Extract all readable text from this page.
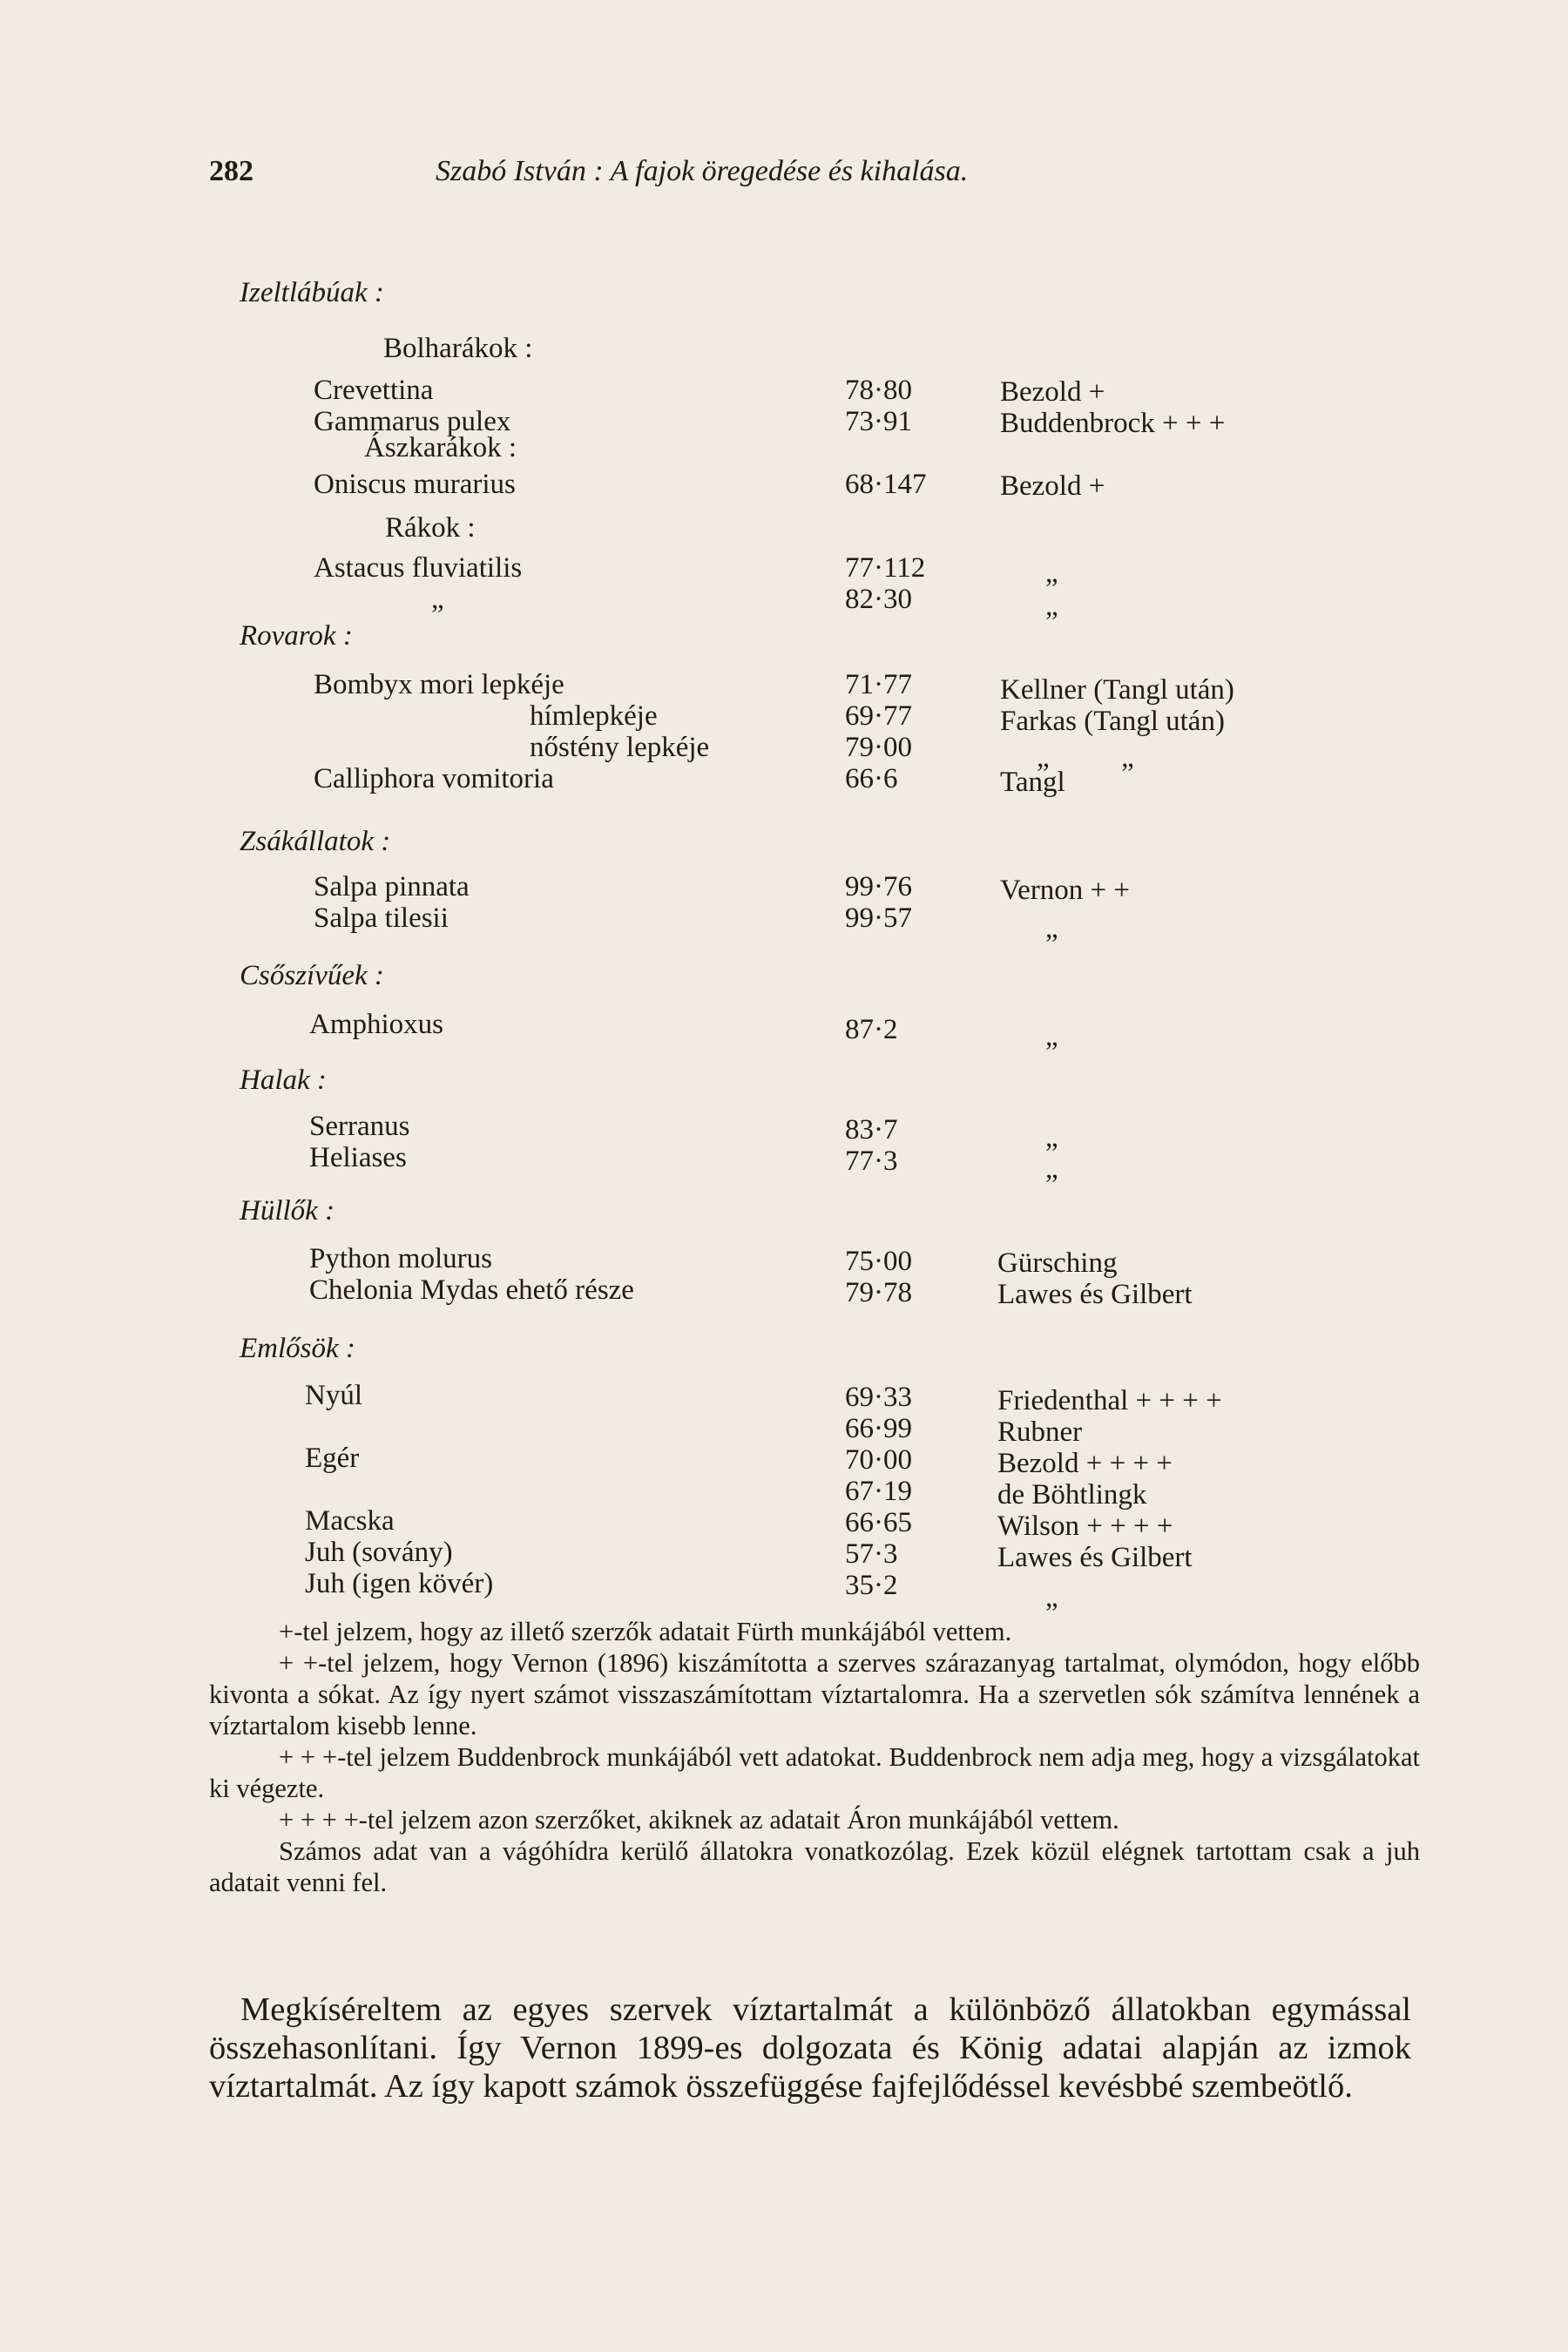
282	Szabó István : A fajok öregedése és kihalása.
Izeltlábúak :
Rovarok :
Zsákállatok :
Csőszívűek :
Halak :
Hüllők :
Emlősök :
Bolharákok :
Ászkarákok :
Rákok :
Crevettina
Gammarus pulex
Oniscus murarius
Astacus fluviatilis
„
Bombyx mori lepkéje
hímlepkéje
nőstény lepkéje
Calliphora vomitoria
Salpa pinnata
Salpa tilesii
Amphioxus
Serranus
Heliases
Python molurus
Chelonia Mydas ehető része
Nyúl
Egér
Macska
Juh (sovány)
Juh (igen kövér)
78·80
73·91
68·147
77·112
82·30
71·77
69·77
79·00
66·6
99·76
99·57
87·2
83·7
77·3
75·00
79·78
69·33
66·99
70·00
67·19
66·65
57·3
35·2
Bezold +
Buddenbrock + + +
Bezold +
„
„
Kellner (Tangl után)
Farkas (Tangl után)
„          „
Tangl
Vernon + +
„
„
„
„
Gürsching
Lawes és Gilbert
Friedenthal + + + +
Rubner
Bezold + + + +
de Böhtlingk
Wilson + + + +
Lawes és Gilbert
„

+-tel jelzem, hogy az illető szerzők adatait Fürth munkájából vettem.

+ +-tel jelzem, hogy Vernon (1896) kiszámította a szerves szárazanyag tartalmat, olymódon, hogy előbb kivonta a sókat. Az így nyert számot visszaszámítottam víztartalomra. Ha a szervetlen sók számítva lennének a víztartalom kisebb lenne.

+ + +-tel jelzem Buddenbrock munkájából vett adatokat. Buddenbrock nem adja meg, hogy a vizsgálatokat ki végezte.

+ + + +-tel jelzem azon szerzőket, akiknek az adatait Áron munkájából vettem.

Számos adat van a vágóhídra kerülő állatokra vonatkozólag. Ezek közül elégnek tartottam csak a juh adatait venni fel.

Megkíséreltem az egyes szervek víztartalmát a különböző állatokban egymással összehasonlítani. Így Vernon 1899-es dolgozata és König adatai alapján az izmok víztartalmát. Az így kapott számok összefüggése fajfejlődéssel kevésbbé szembeötlő.
